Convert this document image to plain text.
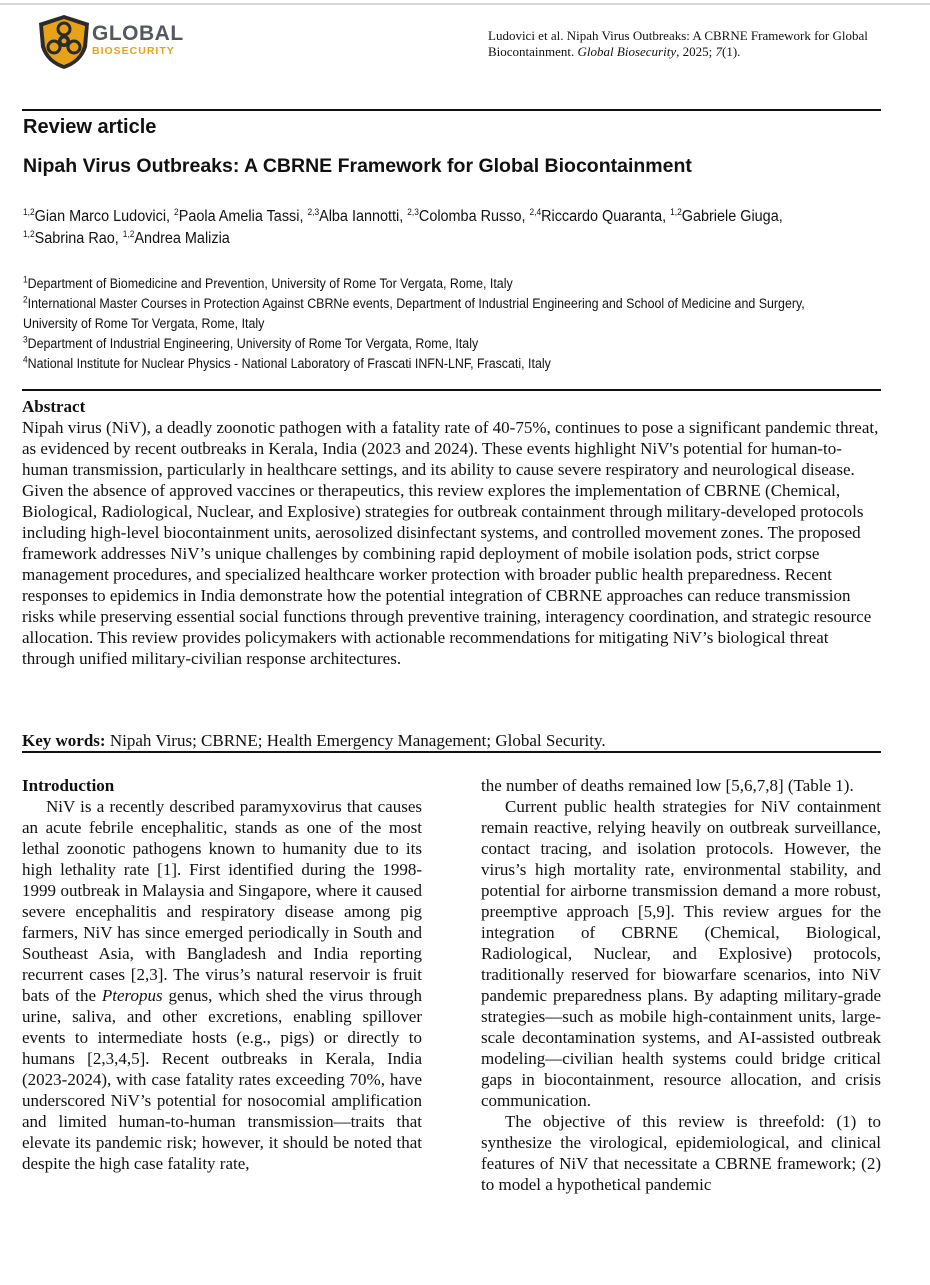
GLOBAL
BIOSECURITY
Ludovici et al. Nipah Virus Outbreaks: A CBRNE Framework for Global Biocontainment. Global Biosecurity, 2025; 7(1).
Review article
Nipah Virus Outbreaks: A CBRNE Framework for Global Biocontainment
$^{1,2}$Gian Marco Ludovici, $^2$Paola Amelia Tassi, $^{2,3}$Alba Iannotti, $^{2,3}$Colomba Russo, $^{2,4}$Riccardo Quaranta, $^{1,2}$Gabriele Giuga, $^{1,2}$Sabrina Rao, $^{1,2}$Andrea Malizia
$^1$Department of Biomedicine and Prevention, University of Rome Tor Vergata, Rome, Italy
$^2$International Master Courses in Protection Against CBRNe events, Department of Industrial Engineering and School of Medicine and Surgery, University of Rome Tor Vergata, Rome, Italy
$^3$Department of Industrial Engineering, University of Rome Tor Vergata, Rome, Italy
$^4$National Institute for Nuclear Physics - National Laboratory of Frascati INFN-LNF, Frascati, Italy
Abstract
Nipah virus (NiV), a deadly zoonotic pathogen with a fatality rate of 40-75%, continues to pose a significant pandemic threat, as evidenced by recent outbreaks in Kerala, India (2023 and 2024). These events highlight NiV's potential for human-to-human transmission, particularly in healthcare settings, and its ability to cause severe respiratory and neurological disease. Given the absence of approved vaccines or therapeutics, this review explores the implementation of CBRNE (Chemical, Biological, Radiological, Nuclear, and Explosive) strategies for outbreak containment through military-developed protocols including high-level biocontainment units, aerosolized disinfectant systems, and controlled movement zones. The proposed framework addresses NiV’s unique challenges by combining rapid deployment of mobile isolation pods, strict corpse management procedures, and specialized healthcare worker protection with broader public health preparedness. Recent responses to epidemics in India demonstrate how the potential integration of CBRNE approaches can reduce transmission risks while preserving essential social functions through preventive training, interagency coordination, and strategic resource allocation. This review provides policymakers with actionable recommendations for mitigating NiV’s biological threat through unified military-civilian response architectures.
Key words: Nipah Virus; CBRNE; Health Emergency Management; Global Security.
Introduction

NiV is a recently described paramyxovirus that causes an acute febrile encephalitic, stands as one of the most lethal zoonotic pathogens known to humanity due to its high lethality rate [1]. First identified during the 1998-1999 outbreak in Malaysia and Singapore, where it caused severe encephalitis and respiratory disease among pig farmers, NiV has since emerged periodically in South and Southeast Asia, with Bangladesh and India reporting recurrent cases [2,3]. The virus’s natural reservoir is fruit bats of the Pteropus genus, which shed the virus through urine, saliva, and other excretions, enabling spillover events to intermediate hosts (e.g., pigs) or directly to humans [2,3,4,5]. Recent outbreaks in Kerala, India (2023-2024), with case fatality rates exceeding 70%, have underscored NiV’s potential for nosocomial amplification and limited human-to-human transmission—traits that elevate its pandemic risk; however, it should be noted that despite the high case fatality rate,

the number of deaths remained low [5,6,7,8] (Table 1).

Current public health strategies for NiV containment remain reactive, relying heavily on outbreak surveillance, contact tracing, and isolation protocols. However, the virus’s high mortality rate, environmental stability, and potential for airborne transmission demand a more robust, preemptive approach [5,9]. This review argues for the integration of CBRNE (Chemical, Biological, Radiological, Nuclear, and Explosive) protocols, traditionally reserved for biowarfare scenarios, into NiV pandemic preparedness plans. By adapting military-grade strategies—such as mobile high-containment units, large-scale decontamination systems, and AI-assisted outbreak modeling—civilian health systems could bridge critical gaps in biocontainment, resource allocation, and crisis communication.

The objective of this review is threefold: (1) to synthesize the virological, epidemiological, and clinical features of NiV that necessitate a CBRNE framework; (2) to model a hypothetical pandemic
